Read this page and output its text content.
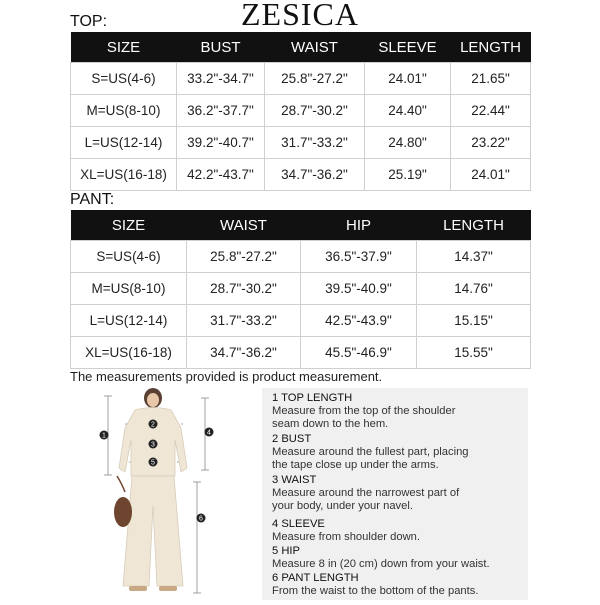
ZESICA
TOP:
SIZE	BUST	WAIST	SLEEVE	LENGTH
S=US(4-6)	33.2"-34.7"	25.8"-27.2"	24.01"	21.65"
M=US(8-10)	36.2"-37.7"	28.7"-30.2"	24.40"	22.44"
L=US(12-14)	39.2"-40.7"	31.7"-33.2"	24.80"	23.22"
XL=US(16-18)	42.2"-43.7"	34.7"-36.2"	25.19"	24.01"
PANT:
SIZE	WAIST	HIP	LENGTH
S=US(4-6)	25.8"-27.2"	36.5"-37.9"	14.37"
M=US(8-10)	28.7"-30.2"	39.5"-40.9"	14.76"
L=US(12-14)	31.7"-33.2"	42.5"-43.9"	15.15"
XL=US(16-18)	34.7"-36.2"	45.5"-46.9"	15.55"
The measurements provided is product measurement.
1
2
3
4
5
6
1 TOP LENGTH
Measure from the top of the shoulder
seam down to the hem.
2 BUST
Measure around the fullest part, placing
the tape close up under the arms.
3 WAIST
Measure around the narrowest part of
your body, under your navel.
4 SLEEVE
Measure from shoulder down.
5 HIP
Measure 8 in (20 cm) down from your waist.
6 PANT LENGTH
From the waist to the bottom of the pants.
